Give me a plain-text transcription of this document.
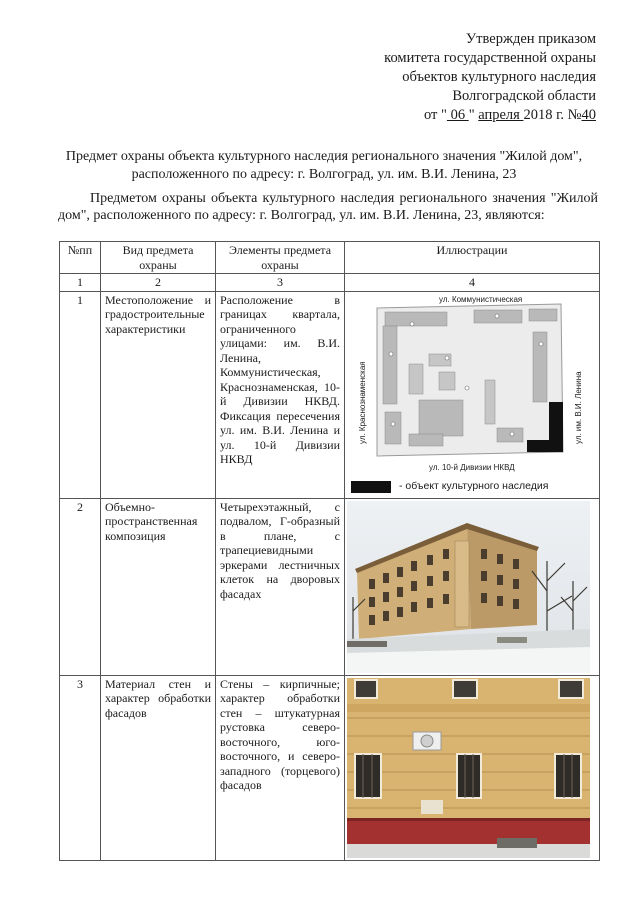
Утвержден приказом
комитета государственной охраны
объектов культурного наследия
Волгоградской области
от " 06 " апреля 2018 г. №40
Предмет охраны объекта культурного наследия регионального значения "Жилой дом", расположенного по адресу: г. Волгоград, ул. им. В.И. Ленина, 23
Предметом охраны объекта культурного наследия регионального значения "Жилой дом", расположенного по адресу: г. Волгоград, ул. им. В.И. Ленина, 23, являются:
№пп	Вид предмета охраны	Элементы предмета охраны	Иллюстрации
1	2	3	4
1	Местоположение и градостроительные характеристики	Расположение в границах квартала, ограниченного улицами: им. В.И. Ленина, Коммунистическая, Краснознаменская, 10-й Дивизии НКВД. Фиксация пересечения ул. им. В.И. Ленина и ул. 10-й Дивизии НКВД	ул. Коммунистическая
ул. Краснознаменская ул. им. В.И. Ленина
ул. 10-й Дивизии НКВД
- объект культурного наследия

2	Объемно-пространственная композиция	Четырехэтажный, с подвалом, Г-образный в плане, с трапециевидными эркерами лестничных клеток на дворовых фасадах	

3	Материал стен и характер обработки фасадов	Стены – кирпичные; характер обработки стен – штукатурная рустовка северо-восточного, юго-восточного, и северо-западного (торцевого) фасадов	
